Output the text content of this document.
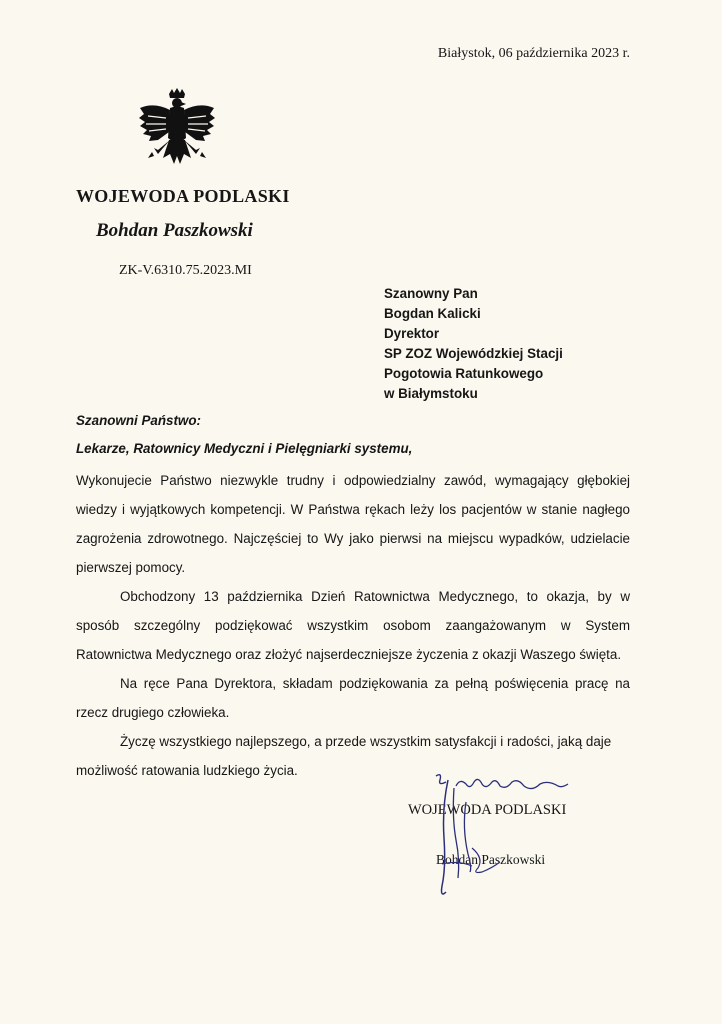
Białystok, 06 października 2023 r.
WOJEWODA PODLASKI
Bohdan Paszkowski
ZK-V.6310.75.2023.MI
Szanowny Pan
Bogdan Kalicki
Dyrektor
SP ZOZ Wojewódzkiej Stacji
Pogotowia Ratunkowego
w Białymstoku
Szanowni Państwo:
Lekarze, Ratownicy Medyczni i Pielęgniarki systemu,

Wykonujecie Państwo niezwykle trudny i odpowiedzialny zawód, wymagający głębokiej wiedzy i wyjątkowych kompetencji. W Państwa rękach leży los pacjentów w stanie nagłego zagrożenia zdrowotnego. Najczęściej to Wy jako pierwsi na miejscu wypadków, udzielacie pierwszej pomocy.

Obchodzony 13 października Dzień Ratownictwa Medycznego, to okazja, by w sposób szczególny podziękować wszystkim osobom zaangażowanym w System Ratownictwa Medycznego oraz złożyć najserdeczniejsze życzenia z okazji Waszego święta.

Na ręce Pana Dyrektora, składam podziękowania za pełną poświęcenia pracę na rzecz drugiego człowieka.

Życzę wszystkiego najlepszego, a przede wszystkim satysfakcji i radości, jaką daje możliwość ratowania ludzkiego życia.

WOJEWODA PODLASKI
Bohdan Paszkowski
